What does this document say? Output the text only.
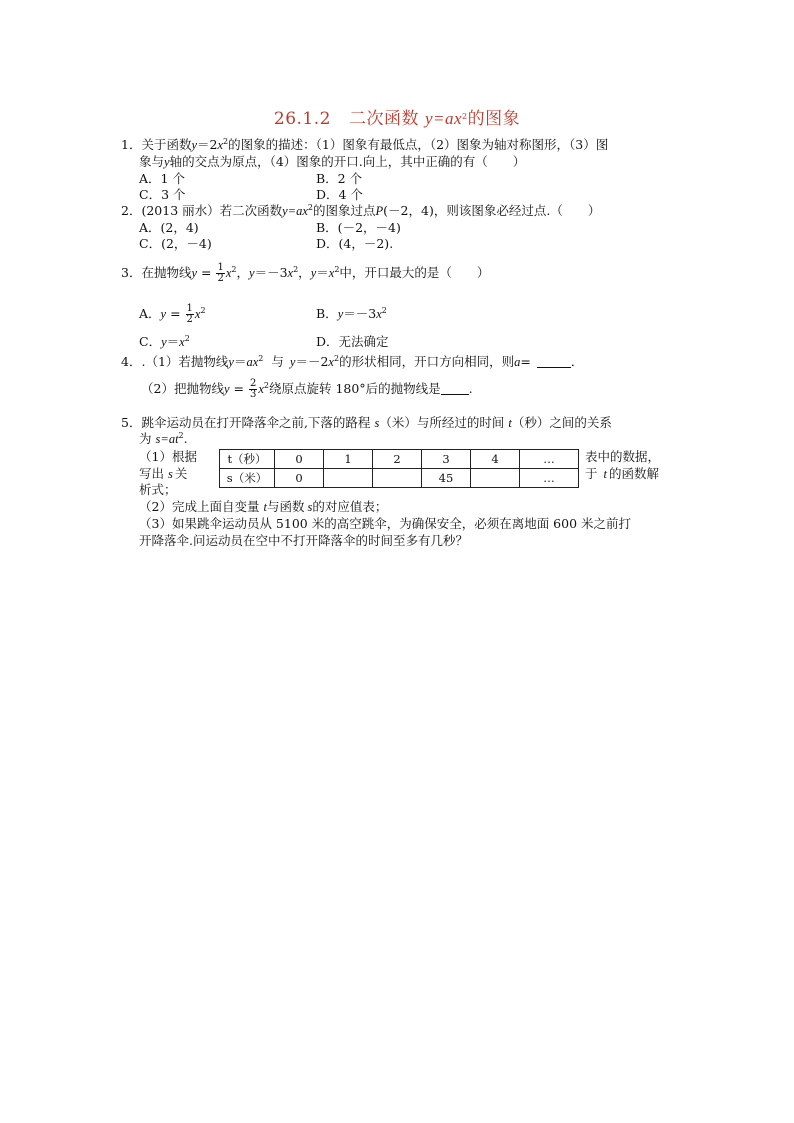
26.1.2 二次函数 $y=ax^2$的图象
1．关于函数$y=2x^2$的图象的描述：（1）图象有最低点，（2）图象为轴对称图形，（3）图
象与y轴的交点为原点，（4）图象的开口.向上，其中正确的有（　　）
A．1 个	B．2 个
C．3 个	D．4 个
2．(2013 丽水）若二次函数$y=ax^2$的图象过点P(－2，4)，则该图象必经过点.（　　）
A．(2，4)	B．(－2，－4)
C．(2，－4)	D．(4，－2).
3．在抛物线$y = \frac{1}{2} x^2$，$y=-3x^2$，$y=x^2$中，开口最大的是（　　）
A．$y = \frac{1}{2} x^2$	B．$y=-3x^2$
C．$y=x^2$	D．无法确定
4．.（1）若抛物线$y=ax^2$ 与 $y=-2x^2$的形状相同，开口方向相同，则a=	．
（2）把抛物线$y = \frac{2}{3} x^2$绕原点旋转 180°后的抛物线是 .
5．跳伞运动员在打开降落伞之前,下落的路程 s（米）与所经过的时间 t（秒）之间的关系
为 $s=at^2$.
（1）根据
写出 s 关
析式；
t（秒）	0	1	2	3	4	…
s（米）	0			45		…
表中的数据，
于 t 的函数解
（2）完成上面自变量 t与函数 s的对应值表；
（3）如果跳伞运动员从 5100 米的高空跳伞，为确保安全，必须在离地面 600 米之前打
开降落伞.问运动员在空中不打开降落伞的时间至多有几秒？
